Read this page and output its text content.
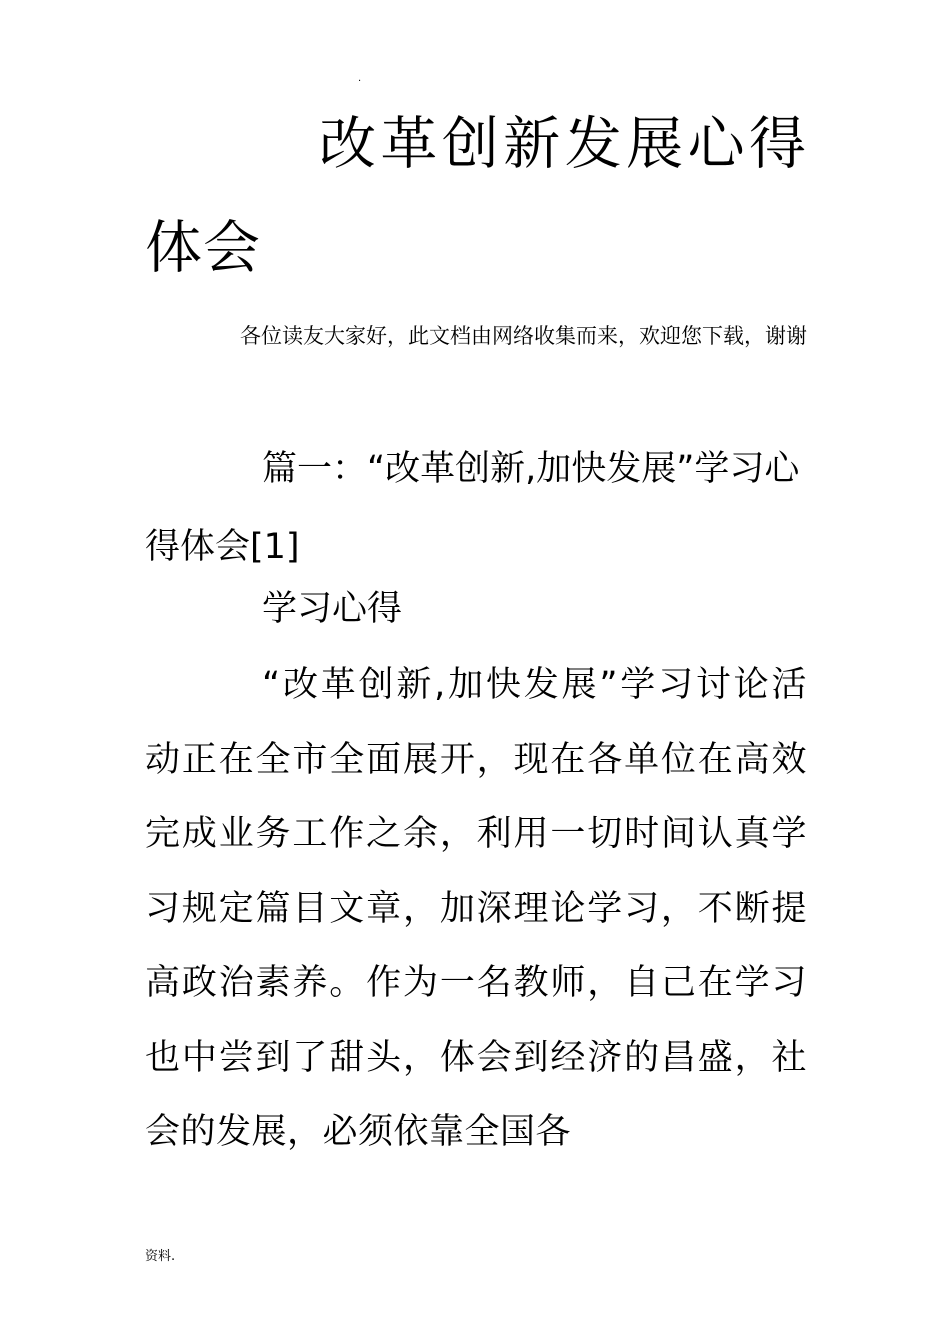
.
改革创新发展心得体会
各位读友大家好，此文档由网络收集而来，欢迎您下载，谢谢
篇一：“改革创新,加快发展”学习心得体会[1]
学习心得

“改革创新,加快发展”学习讨论活动正在全市全面展开，现在各单位在高效完成业务工作之余，利用一切时间认真学习规定篇目文章，加深理论学习，不断提高政治素养。作为一名教师，自己在学习也中尝到了甜头，体会到经济的昌盛，社会的发展，必须依靠全国各

资料.
